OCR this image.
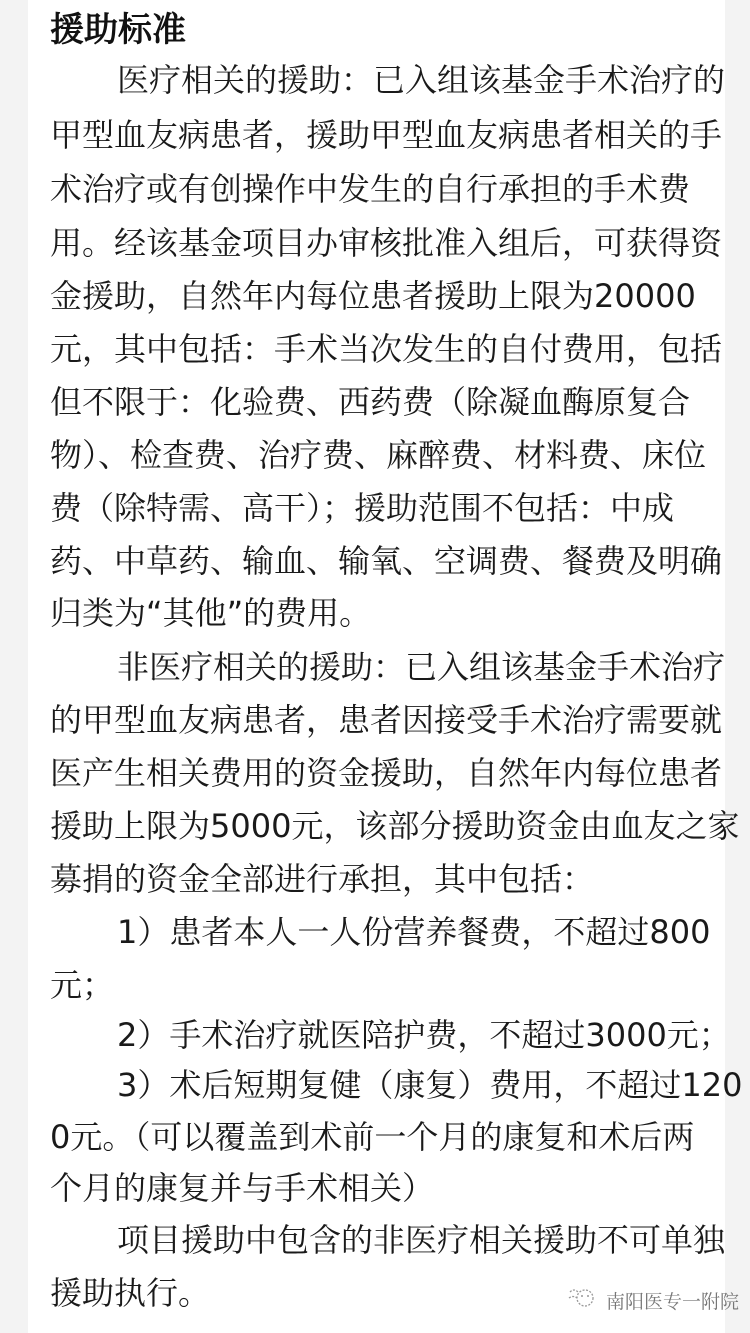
援助标准
医疗相关的援助：已入组该基金手术治疗的
甲型血友病患者，援助甲型血友病患者相关的手
术治疗或有创操作中发生的自行承担的手术费
用。经该基金项目办审核批准入组后，可获得资
金援助，自然年内每位患者援助上限为20000
元，其中包括：手术当次发生的自付费用，包括
但不限于：化验费、西药费（除凝血酶原复合
物）、检查费、治疗费、麻醉费、材料费、床位
费（除特需、高干）；援助范围不包括：中成
药、中草药、输血、输氧、空调费、餐费及明确
归类为“其他”的费用。
非医疗相关的援助：已入组该基金手术治疗
的甲型血友病患者，患者因接受手术治疗需要就
医产生相关费用的资金援助，自然年内每位患者
援助上限为5000元，该部分援助资金由血友之家
募捐的资金全部进行承担，其中包括：
1）患者本人一人份营养餐费，不超过800
元；
2）手术治疗就医陪护费，不超过3000元；
3）术后短期复健（康复）费用，不超过120
0元。（可以覆盖到术前一个月的康复和术后两
个月的康复并与手术相关）
项目援助中包含的非医疗相关援助不可单独
援助执行。	南阳医专一附院
